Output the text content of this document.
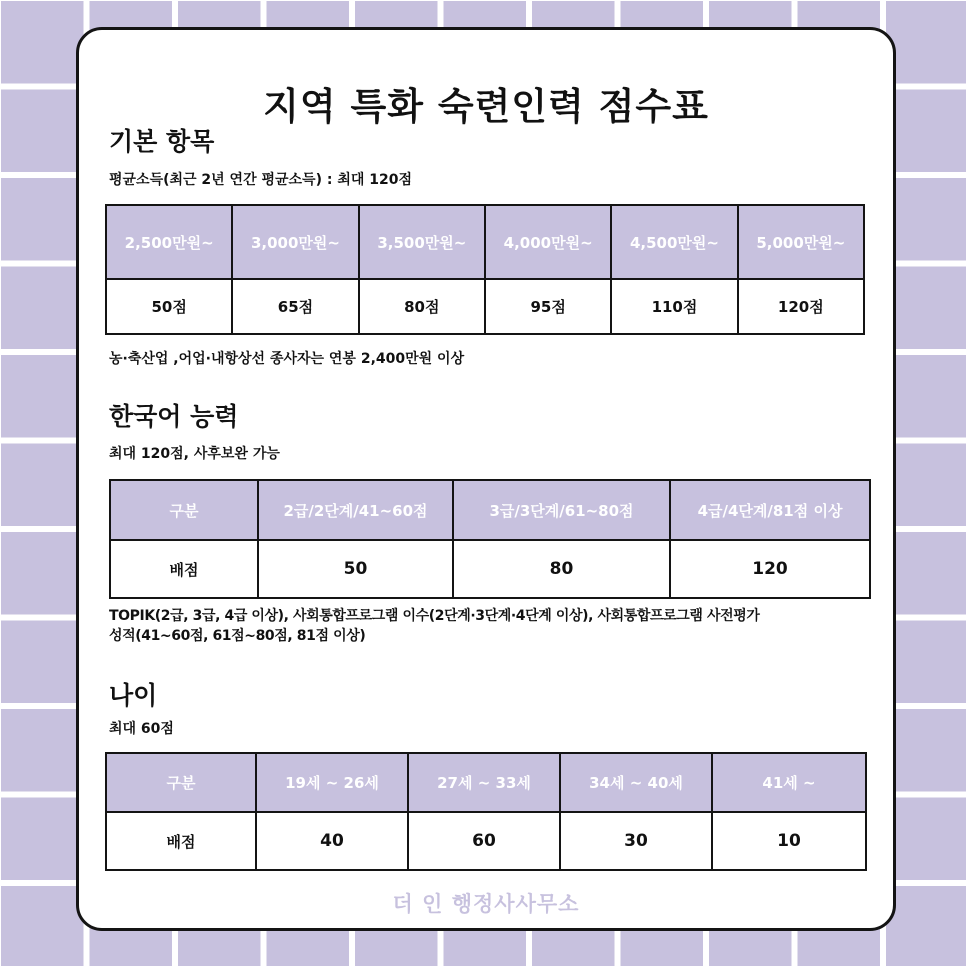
지역 특화 숙련인력 점수표
기본 항목
평균소득(최근 2년 연간 평균소득) : 최대 120점
2,500만원~	3,000만원~	3,500만원~	4,000만원~	4,500만원~	5,000만원~
50점	65점	80점	95점	110점	120점
농·축산업 ,어업·내항상선 종사자는 연봉 2,400만원 이상
한국어 능력
최대 120점, 사후보완 가능
구분	2급/2단계/41~60점	3급/3단계/61~80점	4급/4단계/81점 이상
배점	50	80	120
TOPIK(2급, 3급, 4급 이상), 사회통합프로그램 이수(2단계·3단계·4단계 이상), 사회통합프로그램 사전평가
성적(41~60점, 61점~80점, 81점 이상)
나이
최대 60점
구분	19세 ~ 26세	27세 ~ 33세	34세 ~ 40세	41세 ~
배점	40	60	30	10
더 인 행정사사무소
